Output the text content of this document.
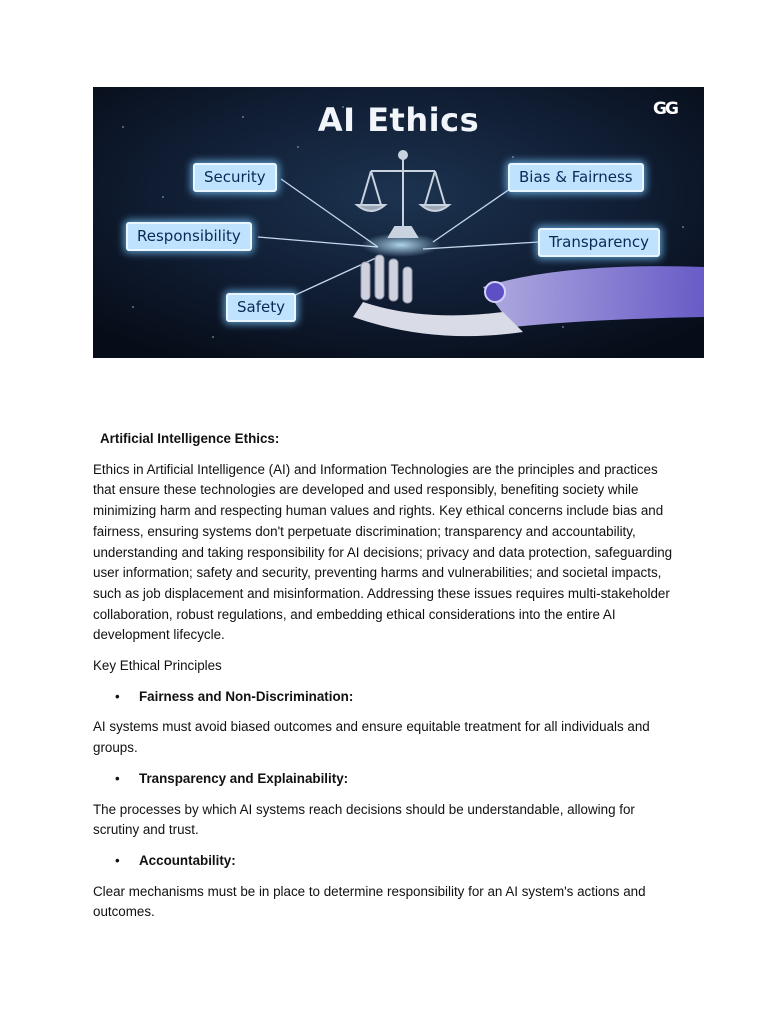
AI Ethics	GG
Security	Bias & Fairness
Responsibility	Transparency
Safety

Artificial Intelligence Ethics:

Ethics in Artificial Intelligence (AI) and Information Technologies are the principles and practices that ensure these technologies are developed and used responsibly, benefiting society while minimizing harm and respecting human values and rights. Key ethical concerns include bias and fairness, ensuring systems don't perpetuate discrimination; transparency and accountability, understanding and taking responsibility for AI decisions; privacy and data protection, safeguarding user information; safety and security, preventing harms and vulnerabilities; and societal impacts, such as job displacement and misinformation. Addressing these issues requires multi-stakeholder collaboration, robust regulations, and embedding ethical considerations into the entire AI development lifecycle.

Key Ethical Principles

• Fairness and Non-Discrimination:

AI systems must avoid biased outcomes and ensure equitable treatment for all individuals and groups.

• Transparency and Explainability:

The processes by which AI systems reach decisions should be understandable, allowing for scrutiny and trust.

• Accountability:

Clear mechanisms must be in place to determine responsibility for an AI system's actions and outcomes.
